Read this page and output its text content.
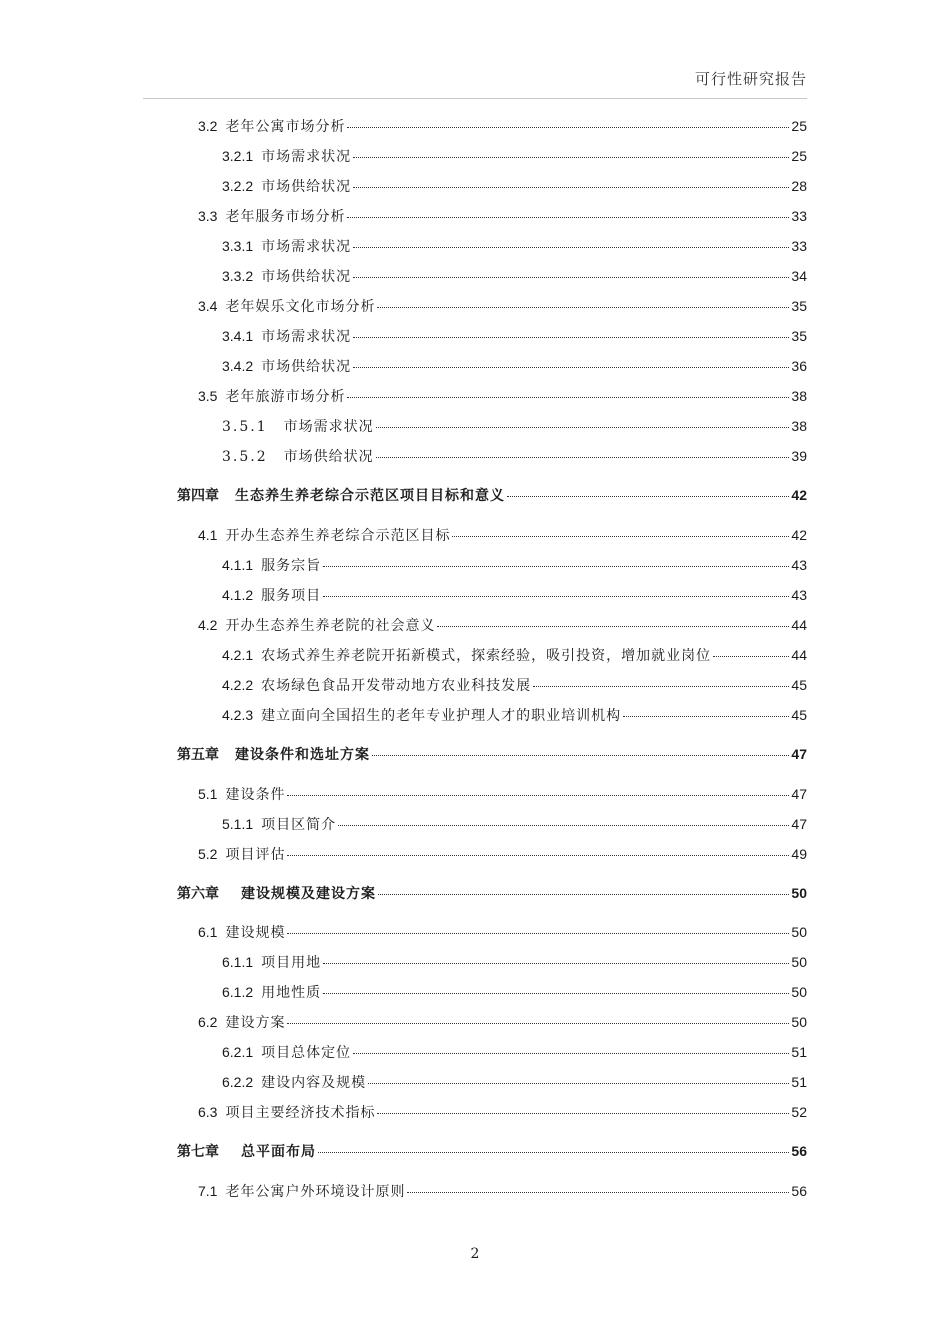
可行性研究报告
3.2 老年公寓市场分析	25
3.2.1 市场需求状况	25
3.2.2 市场供给状况	28
3.3 老年服务市场分析	33
3.3.1 市场需求状况	33
3.3.2 市场供给状况	34
3.4 老年娱乐文化市场分析	35
3.4.1 市场需求状况	35
3.4.2 市场供给状况	36
3.5 老年旅游市场分析	38
3.5.1 市场需求状况	38
3.5.2 市场供给状况	39
第四章 生态养生养老综合示范区项目目标和意义	42
4.1 开办生态养生养老综合示范区目标	42
4.1.1 服务宗旨	43
4.1.2 服务项目	43
4.2 开办生态养生养老院的社会意义	44
4.2.1 农场式养生养老院开拓新模式，探索经验，吸引投资，增加就业岗位	44
4.2.2 农场绿色食品开发带动地方农业科技发展	45
4.2.3 建立面向全国招生的老年专业护理人才的职业培训机构	45
第五章 建设条件和选址方案	47
5.1 建设条件	47
5.1.1 项目区简介	47
5.2 项目评估	49
第六章 建设规模及建设方案	50
6.1 建设规模	50
6.1.1 项目用地	50
6.1.2 用地性质	50
6.2 建设方案	50
6.2.1 项目总体定位	51
6.2.2 建设内容及规模	51
6.3 项目主要经济技术指标	52
第七章 总平面布局	56
7.1 老年公寓户外环境设计原则	56
2
